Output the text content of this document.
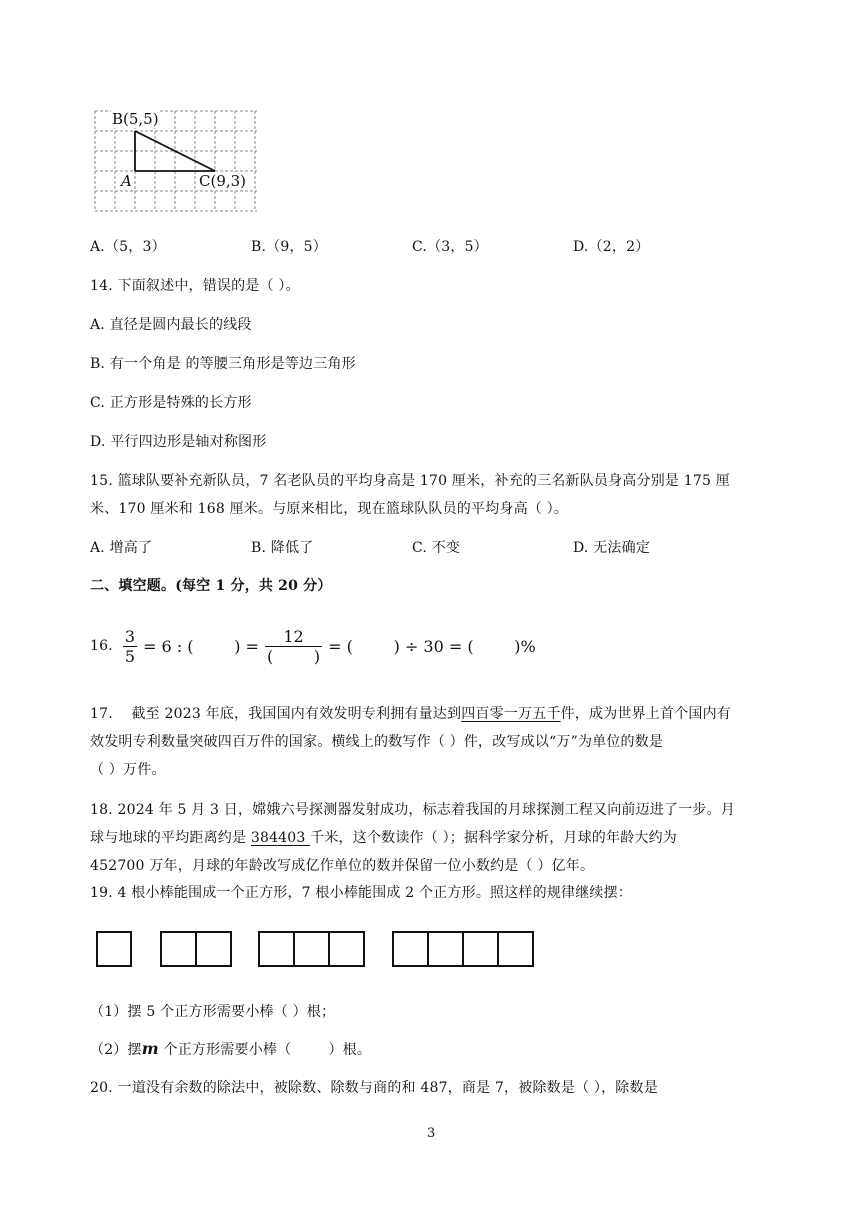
B(5,5)
A	C(9,3)
A.（5，3）	B.（9，5）	C.（3，5）	D.（2，2）
14. 下面叙述中，错误的是（ ）。
A. 直径是圆内最长的线段
B. 有一个角是 的等腰三角形是等边三角形
C. 正方形是特殊的长方形
D. 平行四边形是轴对称图形
15. 篮球队要补充新队员，7 名老队员的平均身高是 170 厘米，补充的三名新队员身高分别是 175 厘
米、170 厘米和 168 厘米。与原来相比，现在篮球队队员的平均身高（ ）。
A. 增高了	B. 降低了	C. 不变	D. 无法确定
二、填空题。(每空 1 分，共 20 分）
16. $\frac{3}{5} = 6$ : (        ) = $\frac{12}{( )}$ = (        ) ÷ 30 = (        )%
17.    截至 2023 年底，我国国内有效发明专利拥有量达到四百零一万五千件，成为世界上首个国内有
效发明专利数量突破四百万件的国家。横线上的数写作（ ）件，改写成以“万”为单位的数是
（ ）万件。
18. 2024 年 5 月 3 日，嫦娥六号探测器发射成功，标志着我国的月球探测工程又向前迈进了一步。月
球与地球的平均距离约是 384403 千米，这个数读作（ ）；据科学家分析，月球的年龄大约为
452700 万年，月球的年龄改写成亿作单位的数并保留一位小数约是（ ）亿年。
19. 4 根小棒能围成一个正方形，7 根小棒能围成 2 个正方形。照这样的规律继续摆：
（1）摆 5 个正方形需要小棒（ ）根；
（2）摆m 个正方形需要小棒（        ）根。
20. 一道没有余数的除法中，被除数、除数与商的和 487，商是 7，被除数是（ ），除数是
3
